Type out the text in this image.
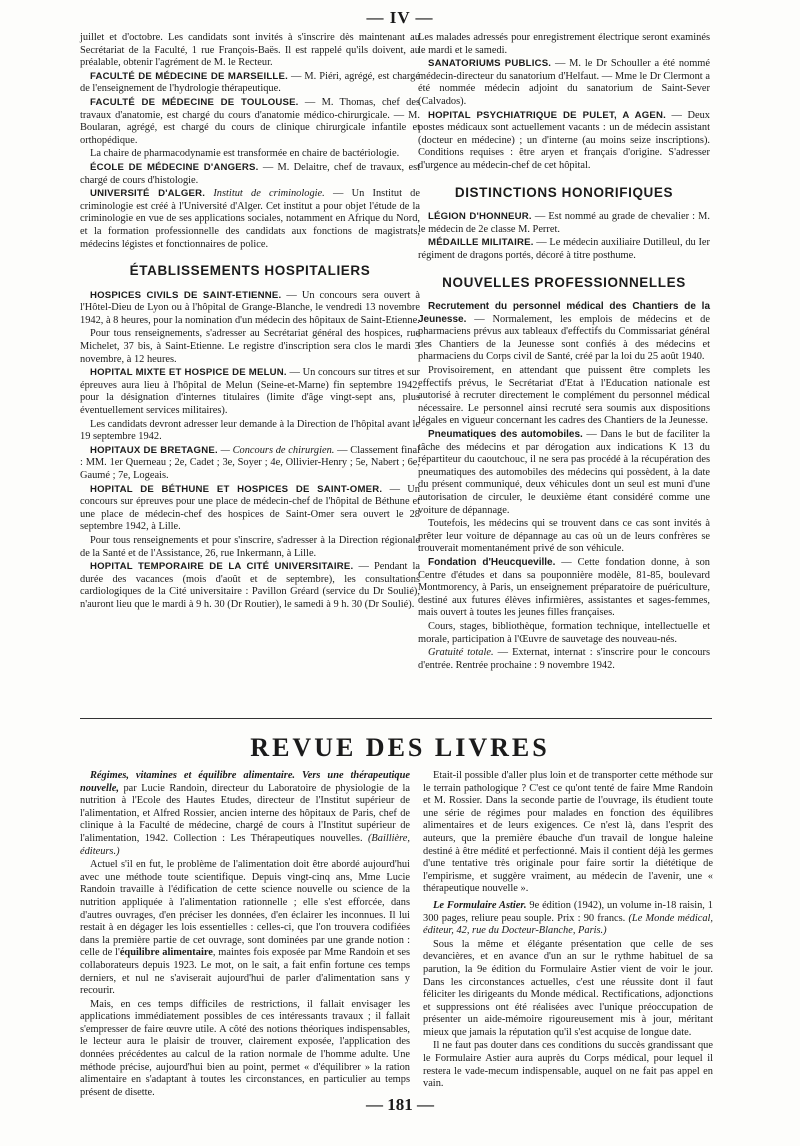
— IV —

juillet et d'octobre. Les candidats sont invités à s'inscrire dès maintenant au Secrétariat de la Faculté, 1 rue François-Baës. Il est rappelé qu'ils doivent, au préalable, obtenir l'agrément de M. le Recteur.

FACULTÉ DE MÉDECINE DE MARSEILLE. — M. Piéri, agrégé, est chargé de l'enseignement de l'hydrologie thérapeutique.

FACULTÉ DE MÉDECINE DE TOULOUSE. — M. Thomas, chef des travaux d'anatomie, est chargé du cours d'anatomie médico-chirurgicale. — M. Boularan, agrégé, est chargé du cours de clinique chirurgicale infantile et orthopédique.

La chaire de pharmacodynamie est transformée en chaire de bactériologie.

ÉCOLE DE MÉDECINE D'ANGERS. — M. Delaitre, chef de travaux, est chargé de cours d'histologie.

UNIVERSITÉ D'ALGER. Institut de criminologie. — Un Institut de criminologie est créé à l'Université d'Alger. Cet institut a pour objet l'étude de la criminologie en vue de ses applications sociales, notamment en Afrique du Nord, et la formation professionnelle des candidats aux fonctions de magistrats, médecins légistes et fonctionnaires de police.

ÉTABLISSEMENTS HOSPITALIERS

HOSPICES CIVILS DE SAINT-ETIENNE. — Un concours sera ouvert à l'Hôtel-Dieu de Lyon ou à l'hôpital de Grange-Blanche, le vendredi 13 novembre 1942, à 8 heures, pour la nomination d'un médecin des hôpitaux de Saint-Etienne.

Pour tous renseignements, s'adresser au Secrétariat général des hospices, rue Michelet, 37 bis, à Saint-Etienne. Le registre d'inscription sera clos le mardi 3 novembre, à 12 heures.

HOPITAL MIXTE ET HOSPICE DE MELUN. — Un concours sur titres et sur épreuves aura lieu à l'hôpital de Melun (Seine-et-Marne) fin septembre 1942, pour la désignation d'internes titulaires (limite d'âge vingt-sept ans, plus éventuellement services militaires).

Les candidats devront adresser leur demande à la Direction de l'hôpital avant le 19 septembre 1942.

HOPITAUX DE BRETAGNE. — Concours de chirurgien. — Classement final : MM. 1er Querneau ; 2e, Cadet ; 3e, Soyer ; 4e, Ollivier-Henry ; 5e, Nabert ; 6e, Gaumé ; 7e, Logeais.

HOPITAL DE BÉTHUNE ET HOSPICES DE SAINT-OMER. — Un concours sur épreuves pour une place de médecin-chef de l'hôpital de Béthune et une place de médecin-chef des hospices de Saint-Omer sera ouvert le 28 septembre 1942, à Lille.

Pour tous renseignements et pour s'inscrire, s'adresser à la Direction régionale de la Santé et de l'Assistance, 26, rue Inkermann, à Lille.

HOPITAL TEMPORAIRE DE LA CITÉ UNIVERSITAIRE. — Pendant la durée des vacances (mois d'août et de septembre), les consultations cardiologiques de la Cité universitaire : Pavillon Gréard (service du Dr Soulié), n'auront lieu que le mardi à 9 h. 30 (Dr Routier), le samedi à 9 h. 30 (Dr Soulié).

Les malades adressés pour enregistrement électrique seront examinés le mardi et le samedi.

SANATORIUMS PUBLICS. — M. le Dr Schouller a été nommé médecin-directeur du sanatorium d'Helfaut. — Mme le Dr Clermont a été nommée médecin adjoint du sanatorium de Saint-Sever (Calvados).

HOPITAL PSYCHIATRIQUE DE PULET, A AGEN. — Deux postes médicaux sont actuellement vacants : un de médecin assistant (docteur en médecine) ; un d'interne (au moins seize inscriptions). Conditions requises : être aryen et français d'origine. S'adresser d'urgence au médecin-chef de cet hôpital.

DISTINCTIONS HONORIFIQUES

LÉGION D'HONNEUR. — Est nommé au grade de chevalier : M. le médecin de 2e classe M. Perret.

MÉDAILLE MILITAIRE. — Le médecin auxiliaire Dutilleul, du Ier régiment de dragons portés, décoré à titre posthume.

NOUVELLES PROFESSIONNELLES

Recrutement du personnel médical des Chantiers de la Jeunesse. — Normalement, les emplois de médecins et de pharmaciens prévus aux tableaux d'effectifs du Commissariat général des Chantiers de la Jeunesse sont confiés à des médecins et pharmaciens du Corps civil de Santé, créé par la loi du 25 août 1940.

Provisoirement, en attendant que puissent être complets les effectifs prévus, le Secrétariat d'Etat à l'Education nationale est autorisé à recruter directement le complément du personnel médical nécessaire. Le personnel ainsi recruté sera soumis aux dispositions légales en vigueur concernant les cadres des Chantiers de la Jeunesse.

Pneumatiques des automobiles. — Dans le but de faciliter la tâche des médecins et par dérogation aux indications K 13 du répartiteur du caoutchouc, il ne sera pas procédé à la récupération des pneumatiques des automobiles des médecins qui possèdent, à la date du présent communiqué, deux véhicules dont un seul est muni d'une autorisation de circuler, le deuxième étant considéré comme une voiture de dépannage.

Toutefois, les médecins qui se trouvent dans ce cas sont invités à prêter leur voiture de dépannage au cas où un de leurs confrères se trouverait momentanément privé de son véhicule.

Fondation d'Heucqueville. — Cette fondation donne, à son Centre d'études et dans sa pouponnière modèle, 81-85, boulevard Montmorency, à Paris, un enseignement préparatoire de puériculture, destiné aux futures élèves infirmières, assistantes et sages-femmes, mais ouvert à toutes les jeunes filles françaises.

Cours, stages, bibliothèque, formation technique, intellectuelle et morale, participation à l'Œuvre de sauvetage des nouveau-nés.

Gratuité totale. — Externat, internat : s'inscrire pour le concours d'entrée. Rentrée prochaine : 9 novembre 1942.

REVUE DES LIVRES

Régimes, vitamines et équilibre alimentaire. Vers une thérapeutique nouvelle, par Lucie Randoin, directeur du Laboratoire de physiologie de la nutrition à l'Ecole des Hautes Etudes, directeur de l'Institut supérieur de l'alimentation, et Alfred Rossier, ancien interne des hôpitaux de Paris, chef de clinique à la Faculté de médecine, chargé de cours à l'Institut supérieur de l'alimentation, 1942. Collection : Les Thérapeutiques nouvelles. (Baillière, éditeurs.)

Actuel s'il en fut, le problème de l'alimentation doit être abordé aujourd'hui avec une méthode toute scientifique. Depuis vingt-cinq ans, Mme Lucie Randoin travaille à l'édification de cette science nouvelle ou science de la nutrition appliquée à l'alimentation rationnelle ; elle s'est efforcée, dans d'autres ouvrages, d'en préciser les données, d'en éclairer les inconnues. Il lui restait à en dégager les lois essentielles : celles-ci, que l'on trouvera codifiées dans la première partie de cet ouvrage, sont dominées par une grande notion : celle de l'équilibre alimentaire, maintes fois exposée par Mme Randoin et ses collaborateurs depuis 1923. Le mot, on le sait, a fait enfin fortune ces temps derniers, et nul ne s'aviserait aujourd'hui de parler d'alimentation sans y recourir.

Mais, en ces temps difficiles de restrictions, il fallait envisager les applications immédiatement possibles de ces intéressants travaux ; il fallait s'empresser de faire œuvre utile. A côté des notions théoriques indispensables, le lecteur aura le plaisir de trouver, clairement exposée, l'application des données précédentes au calcul de la ration normale de l'homme adulte. Une méthode précise, aujourd'hui bien au point, permet « d'équilibrer » la ration alimentaire en s'adaptant à toutes les circonstances, en particulier au temps présent de disette.

Etait-il possible d'aller plus loin et de transporter cette méthode sur le terrain pathologique ? C'est ce qu'ont tenté de faire Mme Randoin et M. Rossier. Dans la seconde partie de l'ouvrage, ils étudient toute une série de régimes pour malades en fonction des équilibres alimentaires et de leurs exigences. Ce n'est là, dans l'esprit des auteurs, que la première ébauche d'un travail de longue haleine destiné à être médité et perfectionné. Mais il contient déjà les germes d'une tentative très originale pour faire sortir la diététique de l'empirisme, et suggère vraiment, au médecin de l'avenir, une « thérapeutique nouvelle ».

Le Formulaire Astier. 9e édition (1942), un volume in-18 raisin, 1 300 pages, reliure peau souple. Prix : 90 francs. (Le Monde médical, éditeur, 42, rue du Docteur-Blanche, Paris.)

Sous la même et élégante présentation que celle de ses devancières, et en avance d'un an sur le rythme habituel de sa parution, la 9e édition du Formulaire Astier vient de voir le jour. Dans les circonstances actuelles, c'est une réussite dont il faut féliciter les dirigeants du Monde médical. Rectifications, adjonctions et suppressions ont été réalisées avec l'unique préoccupation de présenter un aide-mémoire rigoureusement mis à jour, méritant mieux que jamais la réputation qu'il s'est acquise de longue date.

Il ne faut pas douter dans ces conditions du succès grandissant que le Formulaire Astier aura auprès du Corps médical, pour lequel il restera le vade-mecum indispensable, auquel on ne fait pas appel en vain.

— 181 —
